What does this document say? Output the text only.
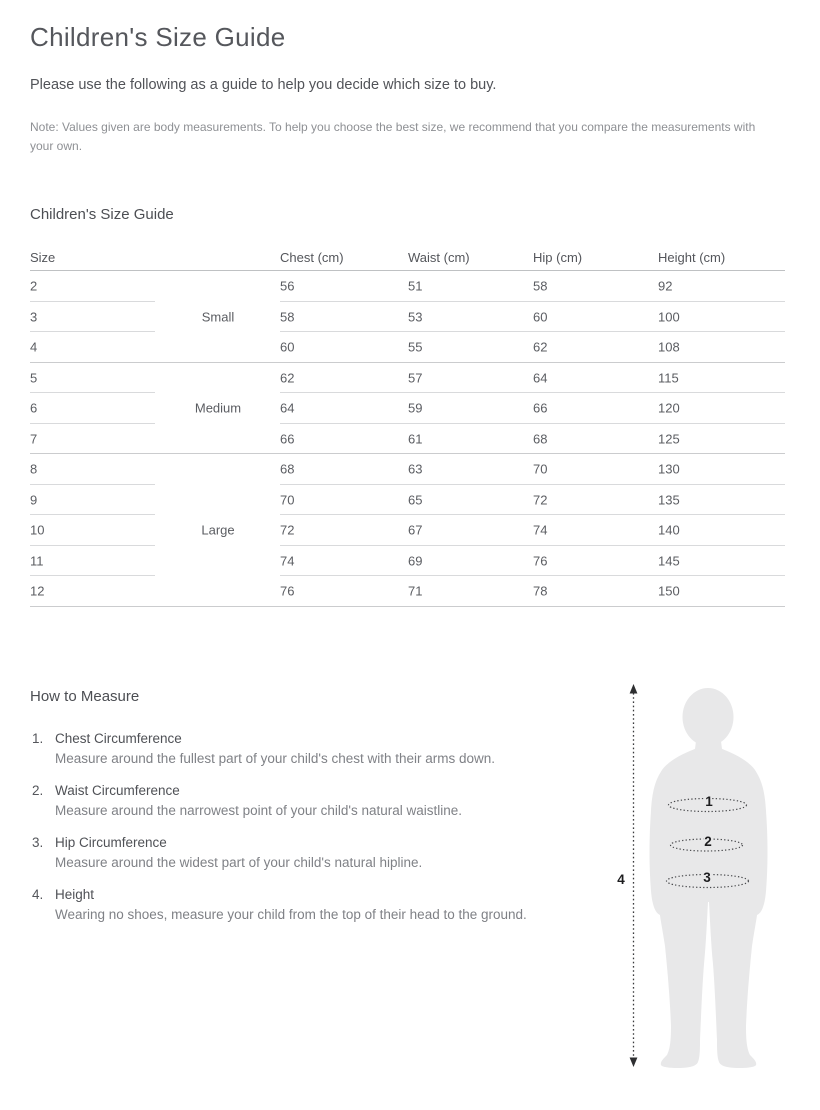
Children's Size Guide
Please use the following as a guide to help you decide which size to buy.
Note: Values given are body measurements. To help you choose the best size, we recommend that you compare the measurements with your own.
Children's Size Guide
Size	Chest (cm)	Waist (cm)	Hip (cm)	Height (cm)
2	56	51	58	92
3	Small	58	53	60	100
4	60	55	62	108
5	62	57	64	115
6	Medium	64	59	66	120
7	66	61	68	125
8	68	63	70	130
9	70	65	72	135
10	Large	72	67	74	140
11	74	69	76	145
12	76	71	78	150
How to Measure
1. Chest Circumference
Measure around the fullest part of your child's chest with their arms down.
2. Waist Circumference
Measure around the narrowest point of your child's natural waistline.
3. Hip Circumference
Measure around the widest part of your child's natural hipline.
4. Height
Wearing no shoes, measure your child from the top of their head to the ground.
1
2
3
4
